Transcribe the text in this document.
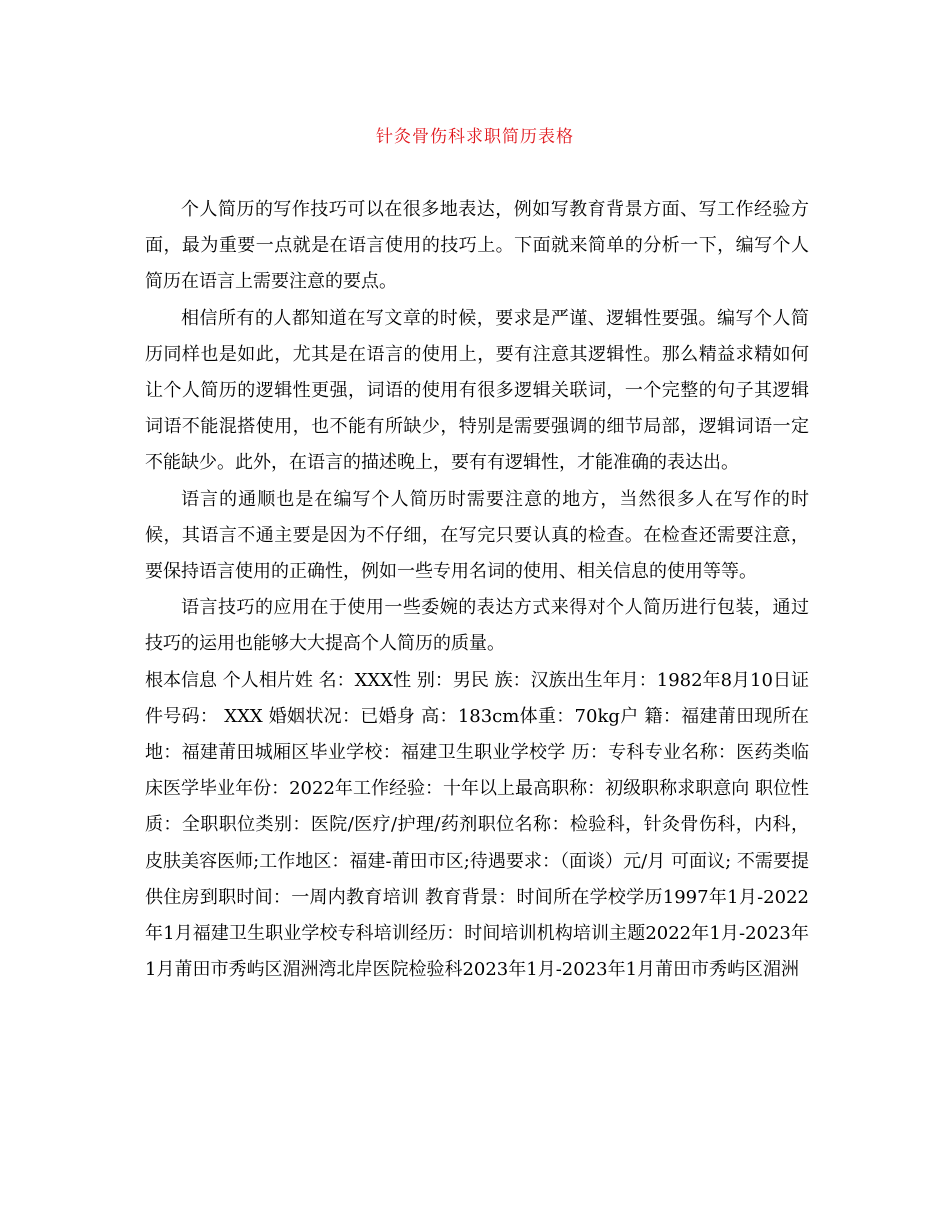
针灸骨伤科求职简历表格

个人简历的写作技巧可以在很多地表达，例如写教育背景方面、写工作经验方面，最为重要一点就是在语言使用的技巧上。下面就来简单的分析一下，编写个人简历在语言上需要注意的要点。

相信所有的人都知道在写文章的时候，要求是严谨、逻辑性要强。编写个人简历同样也是如此，尤其是在语言的使用上，要有注意其逻辑性。那么精益求精如何让个人简历的逻辑性更强，词语的使用有很多逻辑关联词，一个完整的句子其逻辑词语不能混搭使用，也不能有所缺少，特别是需要强调的细节局部，逻辑词语一定不能缺少。此外，在语言的描述晚上，要有有逻辑性，才能准确的表达出。

语言的通顺也是在编写个人简历时需要注意的地方，当然很多人在写作的时候，其语言不通主要是因为不仔细，在写完只要认真的检查。在检查还需要注意，要保持语言使用的正确性，例如一些专用名词的使用、相关信息的使用等等。

语言技巧的应用在于使用一些委婉的表达方式来得对个人简历进行包装，通过技巧的运用也能够大大提高个人简历的质量。

根本信息 个人相片姓 名：XXX性 别：男民 族：汉族出生年月：1982年8月10日证件号码： XXX 婚姻状况：已婚身 高：183cm体重：70kg户 籍：福建莆田现所在地：福建莆田城厢区毕业学校：福建卫生职业学校学 历：专科专业名称：医药类临床医学毕业年份：2022年工作经验：十年以上最高职称：初级职称求职意向 职位性质：全职职位类别：医院/医疗/护理/药剂职位名称：检验科，针灸骨伤科，内科，皮肤美容医师;工作地区：福建-莆田市区;待遇要求：（面谈）元/月 可面议; 不需要提供住房到职时间：一周内教育培训 教育背景：时间所在学校学历1997年1月-2022年1月福建卫生职业学校专科培训经历：时间培训机构培训主题2022年1月-2023年1月莆田市秀屿区湄洲湾北岸医院检验科2023年1月-2023年1月莆田市秀屿区湄洲
